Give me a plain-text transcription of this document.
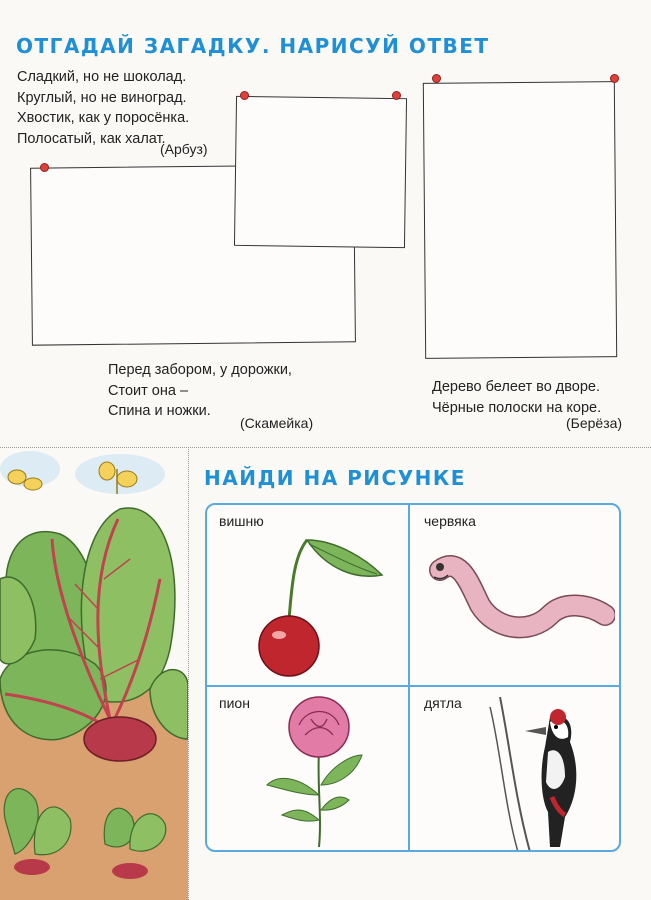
ОТГАДАЙ ЗАГАДКУ. НАРИСУЙ ОТВЕТ
Сладкий, но не шоколад.
Круглый, но не виноград.
Хвостик, как у поросёнка.
Полосатый, как халат.
(Арбуз)
Перед забором, у дорожки,
Стоит она –
Спина и ножки.
(Скамейка)
Дерево белеет во дворе.
Чёрные полоски на коре.
(Берёза)
НАЙДИ НА РИСУНКЕ
вишню	червяка
пион	дятла
